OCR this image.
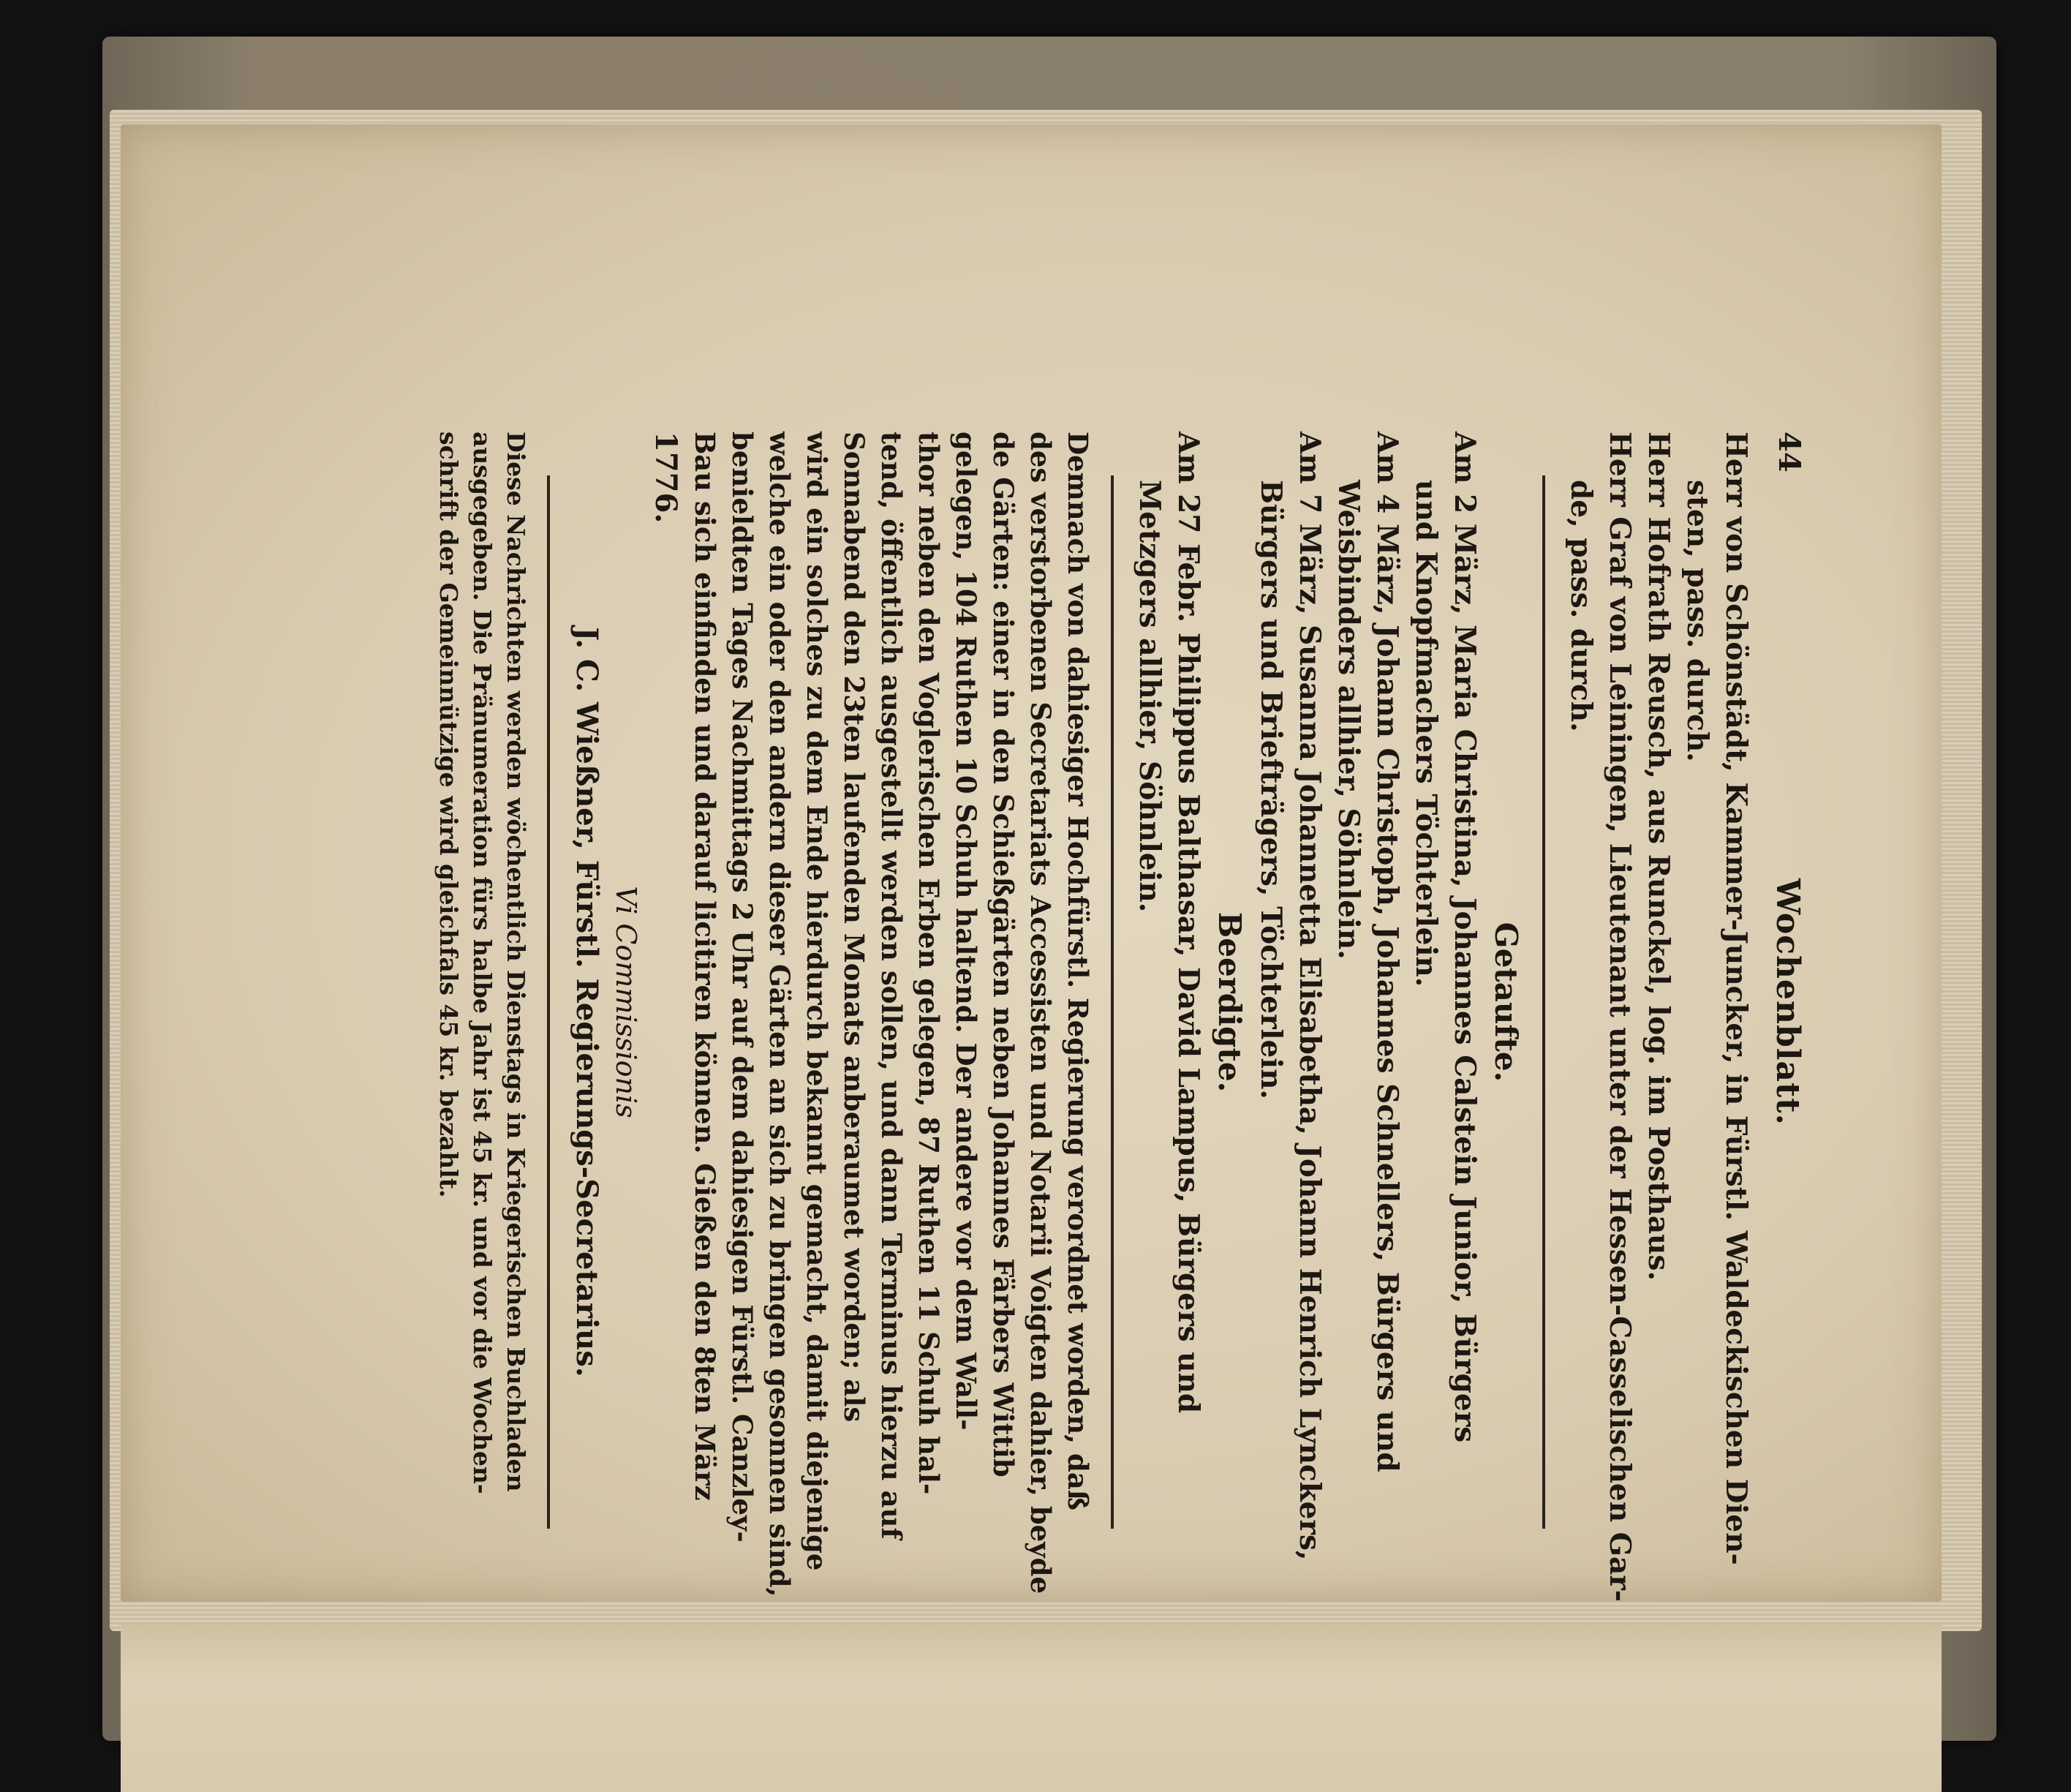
44
Wochenblatt.
Herr von Schönstädt, Kammer-Juncker, in Fürstl. Waldeckischen Dien-
sten, pass. durch.
Herr Hofrath Reusch, aus Runckel, log. im Posthaus.
Herr Graf von Leiningen, Lieutenant unter der Hessen-Casselischen Gar-
de, pass. durch.
Getaufte.
Am 2 März, Maria Christina, Johannes Calstein Junior, Bürgers
und Knopfmachers Töchterlein.
Am 4 März, Johann Christoph, Johannes Schnellers, Bürgers und
Weisbinders allhier, Söhnlein.
Am 7 März, Susanna Johannetta Elisabetha, Johann Henrich Lynckers,
Bürgers und Briefträgers, Töchterlein.
Beerdigte.
Am 27 Febr. Philippus Balthasar, David Lampus, Bürgers und
Metzgers allhier, Söhnlein.
Demnach von dahiesiger Hochfürstl. Regierung verordnet worden, daß
des verstorbenen Secretariats Accessisten und Notarii Voigten dahier, beyde
de Gärten: einer in den Schießgärten neben Johannes Färbers Wittib
gelegen, 104 Ruthen 10 Schuh haltend. Der andere vor dem Wall-
thor neben den Voglerischen Erben gelegen, 87 Ruthen 11 Schuh hal-
tend, öffentlich ausgestellt werden sollen, und dann Terminus hierzu auf
Sonnabend den 23ten laufenden Monats anberaumet worden; als
wird ein solches zu dem Ende hierdurch bekannt gemacht, damit diejenige
welche ein oder den andern dieser Gärten an sich zu bringen gesonnen sind,
benieldten Tages Nachmittags 2 Uhr auf dem dahiesigen Fürstl. Canzley-
Bau sich einfinden und darauf licitiren können. Gießen den 8ten März
1776.
Vi Commissionis
J. C. Wießner, Fürstl. Regierungs-Secretarius.
Diese Nachrichten werden wöchentlich Dienstags in Kriegerischen Buchladen
ausgegeben. Die Pränumeration fürs halbe Jahr ist 45 kr. und vor die Wochen-
schrift der Gemeinnützige wird gleichfals 45 kr. bezahlt.
